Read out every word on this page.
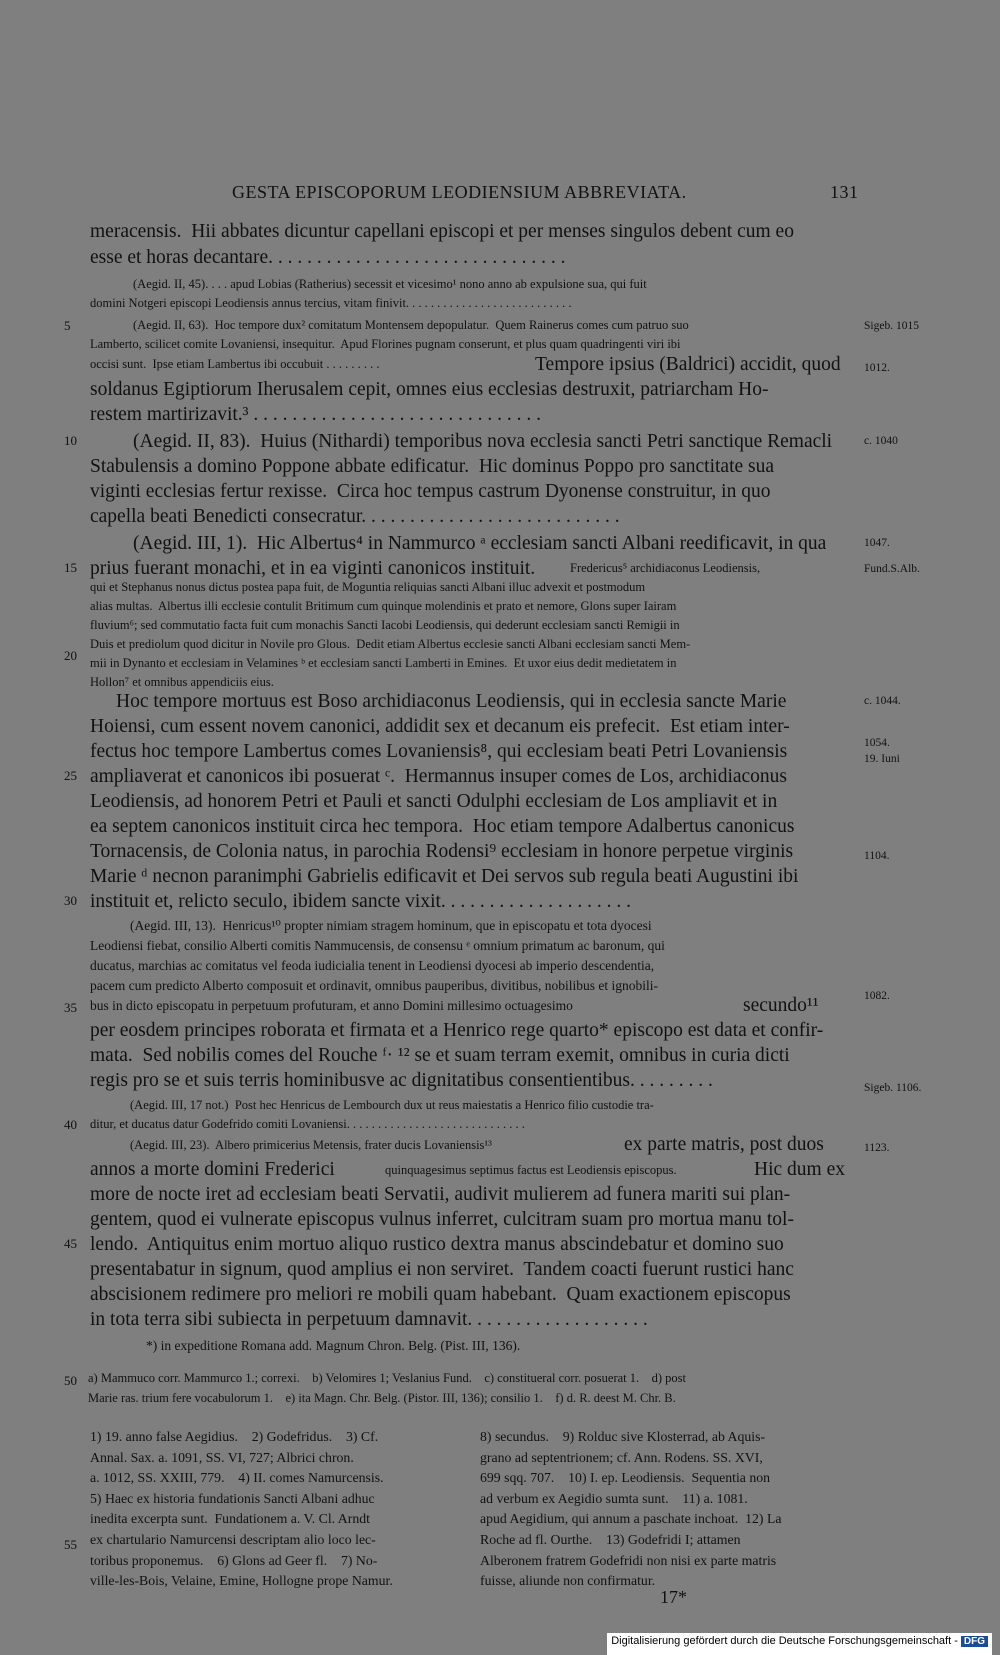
GESTA EPISCOPORUM LEODIENSIUM ABBREVIATA.	131
meracensis.  Hii abbates dicuntur capellani episcopi et per menses singulos debent cum eo
esse et horas decantare. . . . . . . . . . . . . . . . . . . . . . . . . . . . . . .
(Aegid. II, 45). . . . apud Lobias (Ratherius) secessit et vicesimo¹ nono anno ab expulsione sua, qui fuit
domini Notgeri episcopi Leodiensis annus tercius, vitam finivit. . . . . . . . . . . . . . . . . . . . . . . . . . .
(Aegid. II, 63).  Hoc tempore dux² comitatum Montensem depopulatur.  Quem Rainerus comes cum patruo suo
Lamberto, scilicet comite Lovaniensi, insequitur.  Apud Florines pugnam conserunt, et plus quam quadringenti viri ibi
occisi sunt.  Ipse etiam Lambertus ibi occubuit . . . . . . . . .	Tempore ipsius (Baldrici) accidit, quod
soldanus Egiptiorum Iherusalem cepit, omnes eius ecclesias destruxit, patriarcham Ho-
restem martirizavit.³ . . . . . . . . . . . . . . . . . . . . . . . . . . . . . .
(Aegid. II, 83).  Huius (Nithardi) temporibus nova ecclesia sancti Petri sanctique Remacli
Stabulensis a domino Poppone abbate edificatur.  Hic dominus Poppo pro sanctitate sua
viginti ecclesias fertur rexisse.  Circa hoc tempus castrum Dyonense construitur, in quo
capella beati Benedicti consecratur. . . . . . . . . . . . . . . . . . . . . . . . . . .
(Aegid. III, 1).  Hic Albertus⁴ in Nammurco ᵃ ecclesiam sancti Albani reedificavit, in qua
prius fuerant monachi, et in ea viginti canonicos instituit.	Fredericus⁵ archidiaconus Leodiensis,
qui et Stephanus nonus dictus postea papa fuit, de Moguntia reliquias sancti Albani illuc advexit et postmodum
alias multas.  Albertus illi ecclesie contulit Britimum cum quinque molendinis et prato et nemore, Glons super Iairam
fluvium⁶; sed commutatio facta fuit cum monachis Sancti Iacobi Leodiensis, qui dederunt ecclesiam sancti Remigii in
Duis et prediolum quod dicitur in Novile pro Glous.  Dedit etiam Albertus ecclesie sancti Albani ecclesiam sancti Mem-
mii in Dynanto et ecclesiam in Velamines ᵇ et ecclesiam sancti Lamberti in Emines.  Et uxor eius dedit medietatem in
Hollon⁷ et omnibus appendiciis eius.
Hoc tempore mortuus est Boso archidiaconus Leodiensis, qui in ecclesia sancte Marie
Hoiensi, cum essent novem canonici, addidit sex et decanum eis prefecit.  Est etiam inter-
fectus hoc tempore Lambertus comes Lovaniensis⁸, qui ecclesiam beati Petri Lovaniensis
ampliaverat et canonicos ibi posuerat ᶜ.  Hermannus insuper comes de Los, archidiaconus
Leodiensis, ad honorem Petri et Pauli et sancti Odulphi ecclesiam de Los ampliavit et in
ea septem canonicos instituit circa hec tempora.  Hoc etiam tempore Adalbertus canonicus
Tornacensis, de Colonia natus, in parochia Rodensi⁹ ecclesiam in honore perpetue virginis
Marie ᵈ necnon paranimphi Gabrielis edificavit et Dei servos sub regula beati Augustini ibi
instituit et, relicto seculo, ibidem sancte vixit. . . . . . . . . . . . . . . . . . . .
(Aegid. III, 13).  Henricus¹⁰ propter nimiam stragem hominum, que in episcopatu et tota dyocesi
Leodiensi fiebat, consilio Alberti comitis Nammucensis, de consensu ᵉ omnium primatum ac baronum, qui
ducatus, marchias ac comitatus vel feoda iudicialia tenent in Leodiensi dyocesi ab imperio descendentia,
pacem cum predicto Alberto composuit et ordinavit, omnibus pauperibus, divitibus, nobilibus et ignobili-
bus in dicto episcopatu in perpetuum profuturam, et anno Domini millesimo octuagesimo	secundo¹¹
per eosdem principes roborata et firmata et a Henrico rege quarto* episcopo est data et confir-
mata.  Sed nobilis comes del Rouche ᶠ· ¹² se et suam terram exemit, omnibus in curia dicti
regis pro se et suis terris hominibusve ac dignitatibus consentientibus. . . . . . . . .
(Aegid. III, 17 not.)  Post hec Henricus de Lembourch dux ut reus maiestatis a Henrico filio custodie tra-
ditur, et ducatus datur Godefrido comiti Lovaniensi. . . . . . . . . . . . . . . . . . . . . . . . . . . . .
(Aegid. III, 23).  Albero primicerius Metensis, frater ducis Lovaniensis¹³	ex parte matris, post duos
annos a morte domini Frederici	quinquagesimus septimus factus est Leodiensis episcopus.	Hic dum ex
more de nocte iret ad ecclesiam beati Servatii, audivit mulierem ad funera mariti sui plan-
gentem, quod ei vulnerate episcopus vulnus inferret, culcitram suam pro mortua manu tol-
lendo.  Antiquitus enim mortuo aliquo rustico dextra manus abscindebatur et domino suo
presentabatur in signum, quod amplius ei non serviret.  Tandem coacti fuerunt rustici hanc
abscisionem redimere pro meliori re mobili quam habebant.  Quam exactionem episcopus
in tota terra sibi subiecta in perpetuum damnavit. . . . . . . . . . . . . . . . . . .
*) in expeditione Romana add. Magnum Chron. Belg. (Pist. III, 136).
a) Mammuco corr. Mammurco 1.; correxi.    b) Velomires 1; Veslanius Fund.    c) constitueral corr. posuerat 1.    d) post
Marie ras. trium fere vocabulorum 1.    e) ita Magn. Chr. Belg. (Pistor. III, 136); consilio 1.    f) d. R. deest M. Chr. B.
5
10
15
20
25
30
35
40
45
50
55
Sigeb. 1015
1012.
c. 1040
1047.
Fund.S.Alb.
c. 1044.
1054.
19. Iuni
1104.
1082.
Sigeb. 1106.
1123.
1) 19. anno false Aegidius.    2) Godefridus.    3) Cf.
Annal. Sax. a. 1091, SS. VI, 727; Albrici chron.
a. 1012, SS. XXIII, 779.    4) II. comes Namurcensis.
5) Haec ex historia fundationis Sancti Albani adhuc
inedita excerpta sunt.  Fundationem a. V. Cl. Arndt
ex chartulario Namurcensi descriptam alio loco lec-
toribus proponemus.    6) Glons ad Geer fl.    7) No-
ville-les-Bois, Velaine, Emine, Hollogne prope Namur.
8) secundus.    9) Rolduc sive Klosterrad, ab Aquis-
grano ad septentrionem; cf. Ann. Rodens. SS. XVI,
699 sqq. 707.    10) I. ep. Leodiensis.  Sequentia non
ad verbum ex Aegidio sumta sunt.    11) a. 1081.
apud Aegidium, qui annum a paschate inchoat.  12) La
Roche ad fl. Ourthe.    13) Godefridi I; attamen
Alberonem fratrem Godefridi non nisi ex parte matris
fuisse, aliunde non confirmatur.
17*
Digitalisierung gefördert durch die Deutsche Forschungsgemeinschaft - DFG
